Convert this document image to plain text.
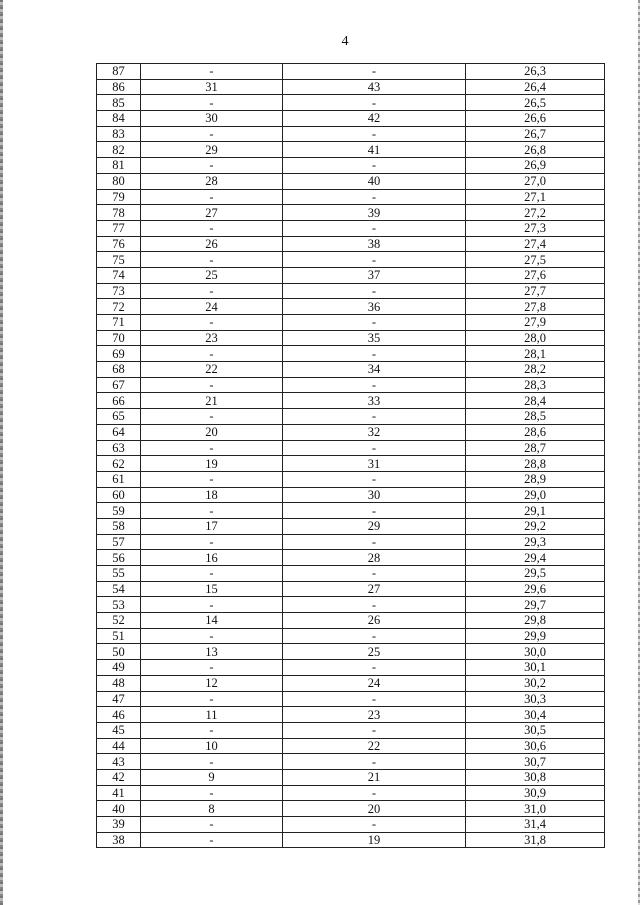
4
87	-	-	26,3
86	31	43	26,4
85	-	-	26,5
84	30	42	26,6
83	-	-	26,7
82	29	41	26,8
81	-	-	26,9
80	28	40	27,0
79	-	-	27,1
78	27	39	27,2
77	-	-	27,3
76	26	38	27,4
75	-	-	27,5
74	25	37	27,6
73	-	-	27,7
72	24	36	27,8
71	-	-	27,9
70	23	35	28,0
69	-	-	28,1
68	22	34	28,2
67	-	-	28,3
66	21	33	28,4
65	-	-	28,5
64	20	32	28,6
63	-	-	28,7
62	19	31	28,8
61	-	-	28,9
60	18	30	29,0
59	-	-	29,1
58	17	29	29,2
57	-	-	29,3
56	16	28	29,4
55	-	-	29,5
54	15	27	29,6
53	-	-	29,7
52	14	26	29,8
51	-	-	29,9
50	13	25	30,0
49	-	-	30,1
48	12	24	30,2
47	-	-	30,3
46	11	23	30,4
45	-	-	30,5
44	10	22	30,6
43	-	-	30,7
42	9	21	30,8
41	-	-	30,9
40	8	20	31,0
39	-	-	31,4
38	-	19	31,8
